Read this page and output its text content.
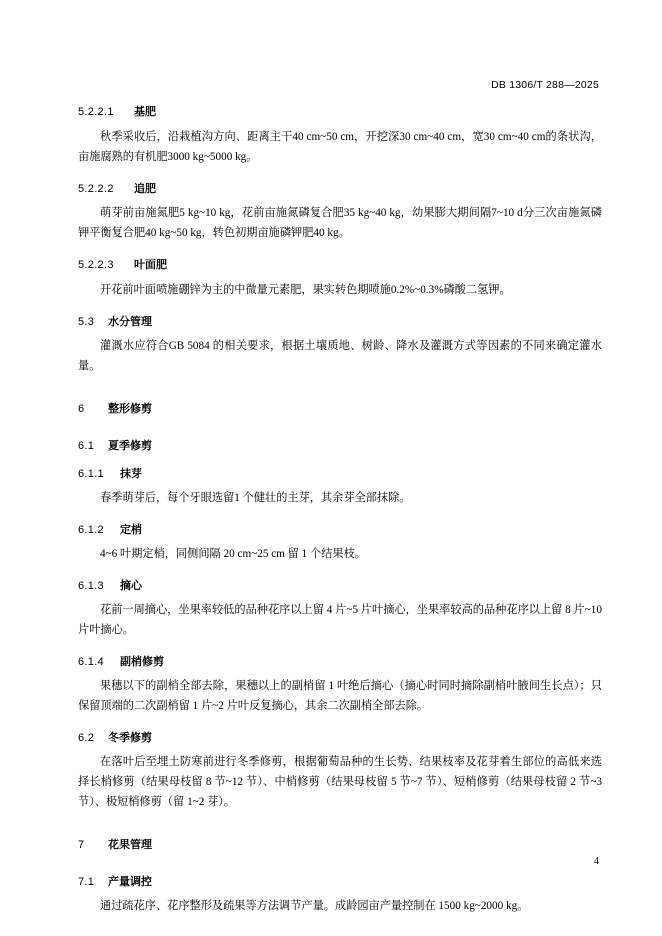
DB 1306/T 288—2025
5.2.2.1	基肥

秋季采收后，沿栽植沟方向、距离主干40 cm~50 cm，开挖深30 cm~40 cm，宽30 cm~40 cm的条状沟，亩施腐熟的有机肥3000 kg~5000 kg。

5.2.2.2	追肥

萌芽前亩施氮肥5 kg~10 kg，花前亩施氮磷复合肥35 kg~40 kg，幼果膨大期间隔7~10 d分三次亩施氮磷钾平衡复合肥40 kg~50 kg，转色初期亩施磷钾肥40 kg。

5.2.2.3	叶面肥

开花前叶面喷施硼锌为主的中微量元素肥，果实转色期喷施0.2%~0.3%磷酸二氢钾。

5.3	水分管理

灌溉水应符合GB 5084 的相关要求，根据土壤质地、树龄、降水及灌溉方式等因素的不同来确定灌水量。

6	整形修剪
6.1	夏季修剪
6.1.1	抹芽

春季萌芽后，每个牙眼选留1 个健壮的主芽，其余芽全部抹除。

6.1.2	定梢

4~6 叶期定梢，同侧间隔 20 cm~25 cm 留 1 个结果枝。

6.1.3	摘心

花前一周摘心，坐果率较低的品种花序以上留 4 片~5 片叶摘心，坐果率较高的品种花序以上留 8 片~10 片叶摘心。

6.1.4	副梢修剪

果穗以下的副梢全部去除，果穗以上的副梢留 1 叶绝后摘心（摘心时同时摘除副梢叶腋间生长点）；只保留顶端的二次副梢留 1 片~2 片叶反复摘心，其余二次副梢全部去除。

6.2	冬季修剪

在落叶后至埋土防寒前进行冬季修剪，根据葡萄品种的生长势、结果枝率及花芽着生部位的高低来选择长梢修剪（结果母枝留 8 节~12 节）、中梢修剪（结果母枝留 5 节~7 节）、短梢修剪（结果母枝留 2 节~3 节）、极短梢修剪（留 1~2 芽）。

7	花果管理
7.1	产量调控

通过疏花序、花序整形及疏果等方法调节产量。成龄园亩产量控制在 1500 kg~2000 kg。

4
